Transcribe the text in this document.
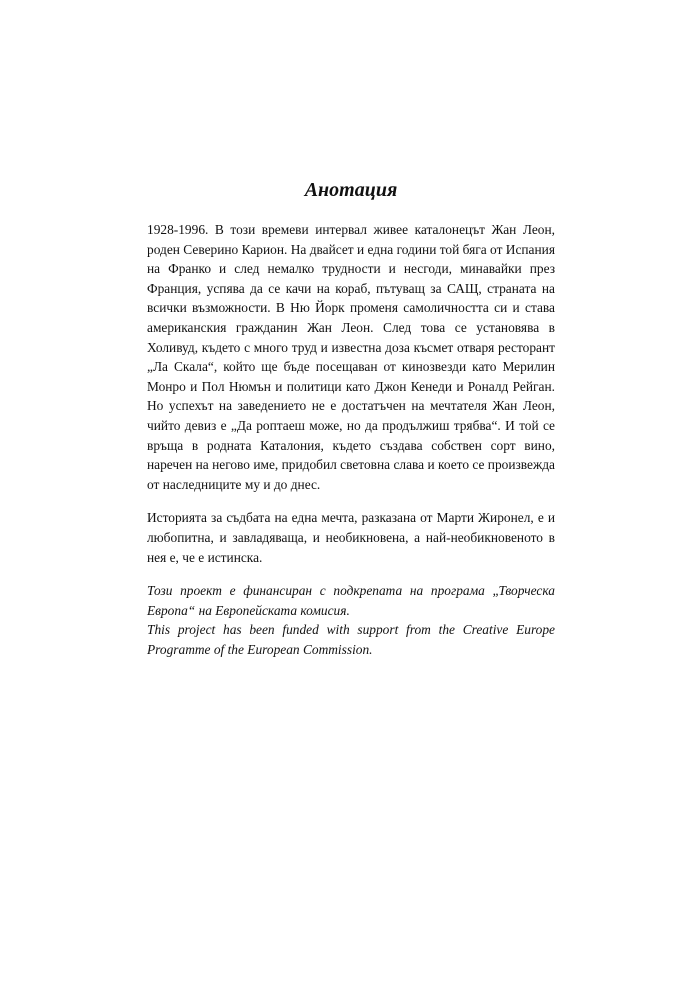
Анотация

1928-1996. В този времеви интервал живее каталонецът Жан Леон, роден Северино Карион. На двайсет и една години той бяга от Испания на Франко и след немалко трудности и несгоди, минавайки през Франция, успява да се качи на кораб, пътуващ за САЩ, страната на всички възможности. В Ню Йорк променя самоличността си и става американския гражданин Жан Леон. След това се установява в Холивуд, където с много труд и известна доза късмет отваря ресторант „Ла Скала“, който ще бъде посещаван от кинозвезди като Мерилин Монро и Пол Нюмън и политици като Джон Кенеди и Роналд Рейган. Но успехът на заведението не е достатъчен на мечтателя Жан Леон, чийто девиз е „Да роптаеш може, но да продължиш трябва“. И той се връща в родната Каталония, където създава собствен сорт вино, наречен на негово име, придобил световна слава и което се произвежда от наследниците му и до днес.

Историята за съдбата на една мечта, разказана от Марти Жиронел, е и любопитна, и завладяваща, и необикновена, а най-необикновеното в нея е, че е истинска.

Този проект е финансиран с подкрепата на програма „Творческа Европа“ на Европейската комисия.
This project has been funded with support from the Creative Europe Programme of the European Commission.
